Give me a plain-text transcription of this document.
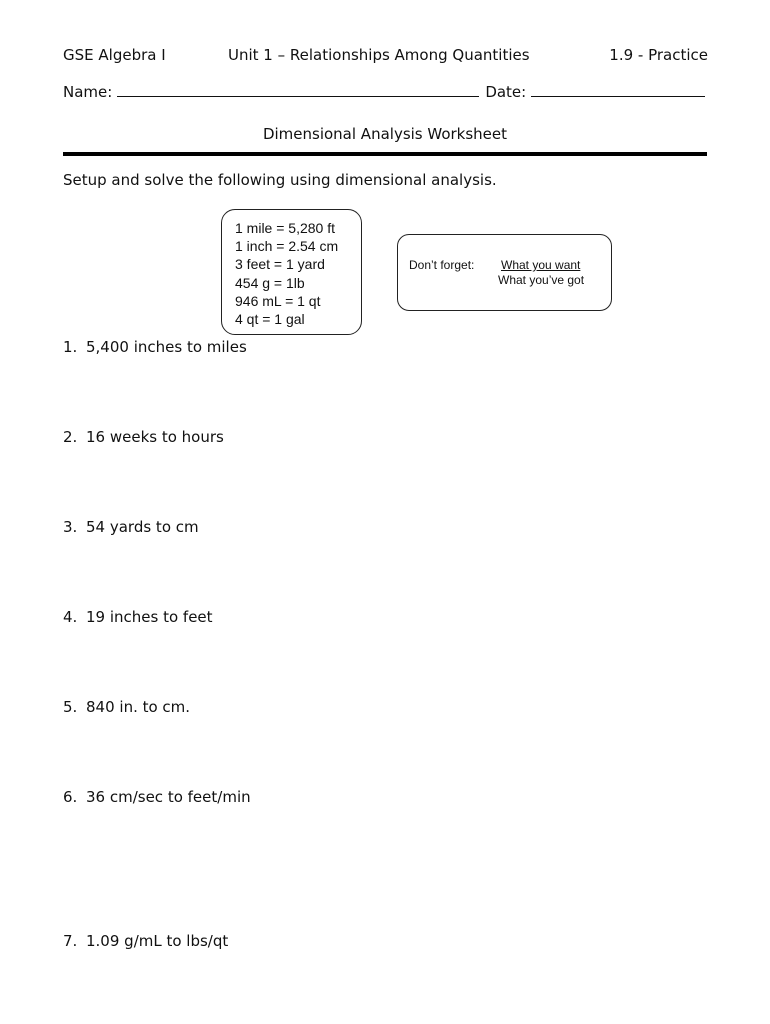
GSE Algebra I	Unit 1 – Relationships Among Quantities	1.9 - Practice
Name:	Date:
Dimensional Analysis Worksheet
Setup and solve the following using dimensional analysis.
1 mile = 5,280 ft
1 inch = 2.54 cm
3 feet = 1 yard
454 g = 1lb
946 mL = 1 qt
4 qt = 1 gal
Don’t forget: What you want
What you’ve got
1. 5,400 inches to miles
2. 16 weeks to hours
3. 54 yards to cm
4. 19 inches to feet
5. 840 in. to cm.
6. 36 cm/sec to feet/min
7. 1.09 g/mL to lbs/qt
